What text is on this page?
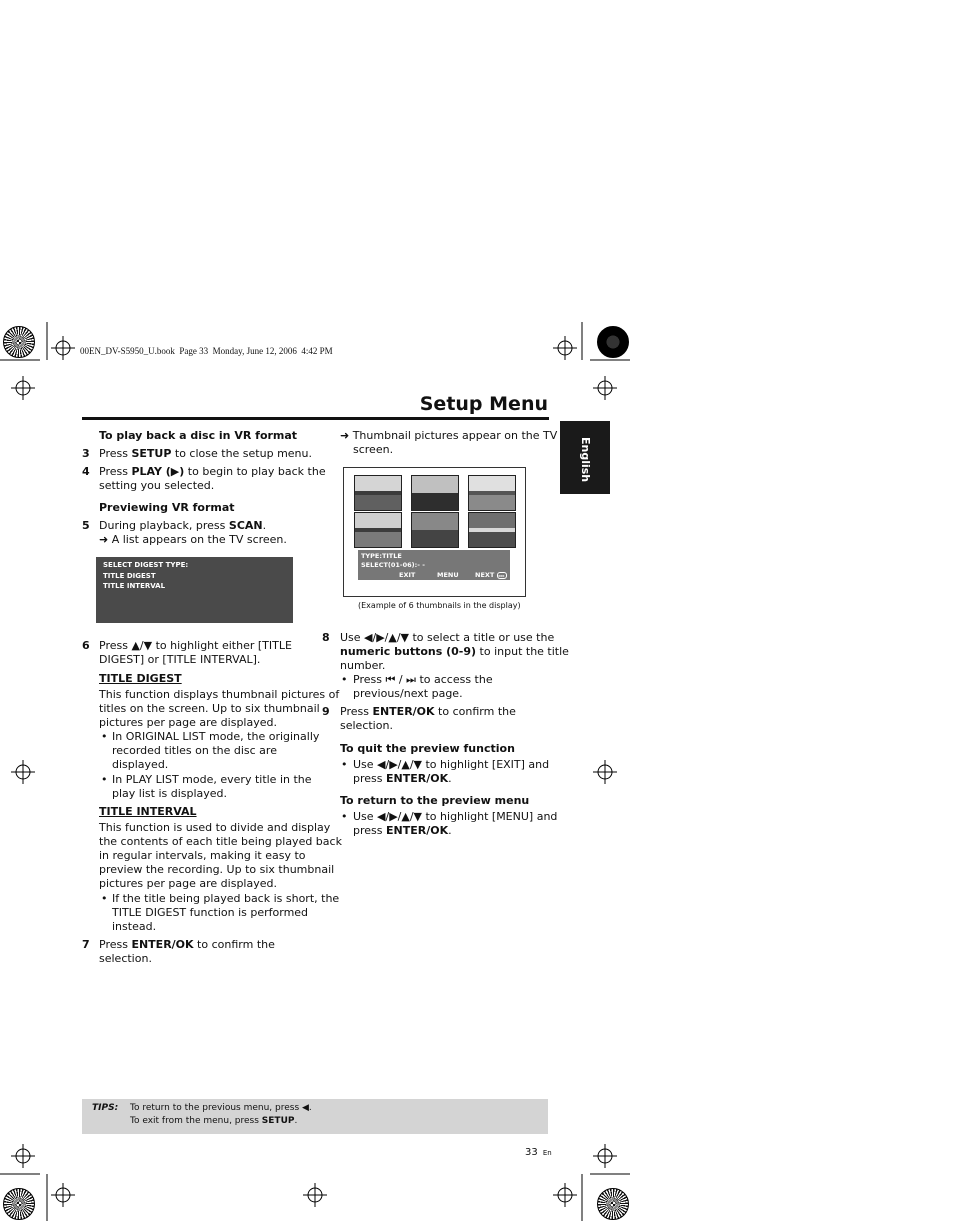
00EN_DV-S5950_U.book  Page 33  Monday, June 12, 2006  4:42 PM
Setup Menu
English
To play back a disc in VR format
3 Press SETUP to close the setup menu.
4 Press PLAY (▶) to begin to play back the
setting you selected.
Previewing VR format
5 During playback, press SCAN.
➜ A list appears on the TV screen.
SELECT DIGEST TYPE:
TITLE DIGEST
TITLE INTERVAL
6 Press ▲/▼ to highlight either [TITLE
DIGEST] or [TITLE INTERVAL].
TITLE DIGEST
This function displays thumbnail pictures of
titles on the screen. Up to six thumbnail
pictures per page are displayed.
• In ORIGINAL LIST mode, the originally
recorded titles on the disc are
displayed.
• In PLAY LIST mode, every title in the
play list is displayed.
TITLE INTERVAL
This function is used to divide and display
the contents of each title being played back
in regular intervals, making it easy to
preview the recording. Up to six thumbnail
pictures per page are displayed.
• If the title being played back is short, the
TITLE DIGEST function is performed
instead.
7 Press ENTER/OK to confirm the
selection.
➜ Thumbnail pictures appear on the TV
screen.
TYPE:TITLE
SELECT(01-06):- -
EXIT	MENU	NEXT ▸▸▸
(Example of 6 thumbnails in the display)
8 Use ◀/▶/▲/▼ to select a title or use the
numeric buttons (0-9) to input the title
number.
• Press ⏮ / ⏭ to access the
previous/next page.
9 Press ENTER/OK to confirm the
selection.
To quit the preview function
• Use ◀/▶/▲/▼ to highlight [EXIT] and
press ENTER/OK.
To return to the preview menu
• Use ◀/▶/▲/▼ to highlight [MENU] and
press ENTER/OK.
TIPS: To return to the previous menu, press ◀.
To exit from the menu, press SETUP.
33 En
